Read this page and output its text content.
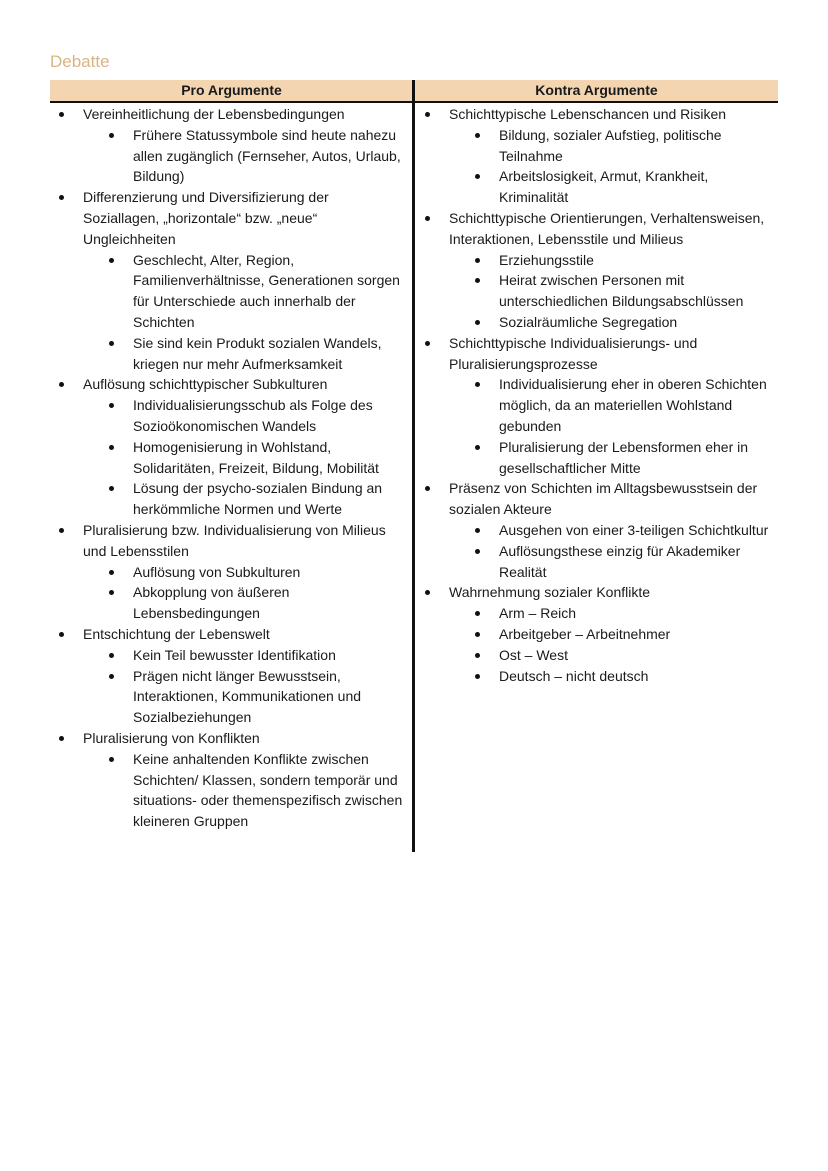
Debatte
Pro Argumente	Kontra Argumente
Vereinheitlichung der Lebensbedingungen
Frühere Statussymbole sind heute nahezu allen zugänglich (Fernseher, Autos, Urlaub, Bildung)
Differenzierung und Diversifizierung der Soziallagen, „horizontale“ bzw. „neue“ Ungleichheiten
Geschlecht, Alter, Region, Familienverhältnisse, Generationen sorgen für Unterschiede auch innerhalb der Schichten
Sie sind kein Produkt sozialen Wandels, kriegen nur mehr Aufmerksamkeit
Auflösung schichttypischer Subkulturen
Individualisierungsschub als Folge des Sozioökonomischen Wandels
Homogenisierung in Wohlstand, Solidaritäten, Freizeit, Bildung, Mobilität
Lösung der psycho-sozialen Bindung an herkömmliche Normen und Werte
Pluralisierung bzw. Individualisierung von Milieus und Lebensstilen
Auflösung von Subkulturen
Abkopplung von äußeren Lebensbedingungen
Entschichtung der Lebenswelt
Kein Teil bewusster Identifikation
Prägen nicht länger Bewusstsein, Interaktionen, Kommunikationen und Sozialbeziehungen
Pluralisierung von Konflikten
Keine anhaltenden Konflikte zwischen Schichten/ Klassen, sondern temporär und situations- oder themenspezifisch zwischen kleineren Gruppen
Schichttypische Lebenschancen und Risiken
Bildung, sozialer Aufstieg, politische Teilnahme
Arbeitslosigkeit, Armut, Krankheit, Kriminalität
Schichttypische Orientierungen, Verhaltensweisen, Interaktionen, Lebensstile und Milieus
Erziehungsstile
Heirat zwischen Personen mit unterschiedlichen Bildungsabschlüssen
Sozialräumliche Segregation
Schichttypische Individualisierungs- und Pluralisierungsprozesse
Individualisierung eher in oberen Schichten möglich, da an materiellen Wohlstand gebunden
Pluralisierung der Lebensformen eher in gesellschaftlicher Mitte
Präsenz von Schichten im Alltagsbewusstsein der sozialen Akteure
Ausgehen von einer 3-teiligen Schichtkultur
Auflösungsthese einzig für Akademiker Realität
Wahrnehmung sozialer Konflikte
Arm – Reich
Arbeitgeber – Arbeitnehmer
Ost – West
Deutsch – nicht deutsch
